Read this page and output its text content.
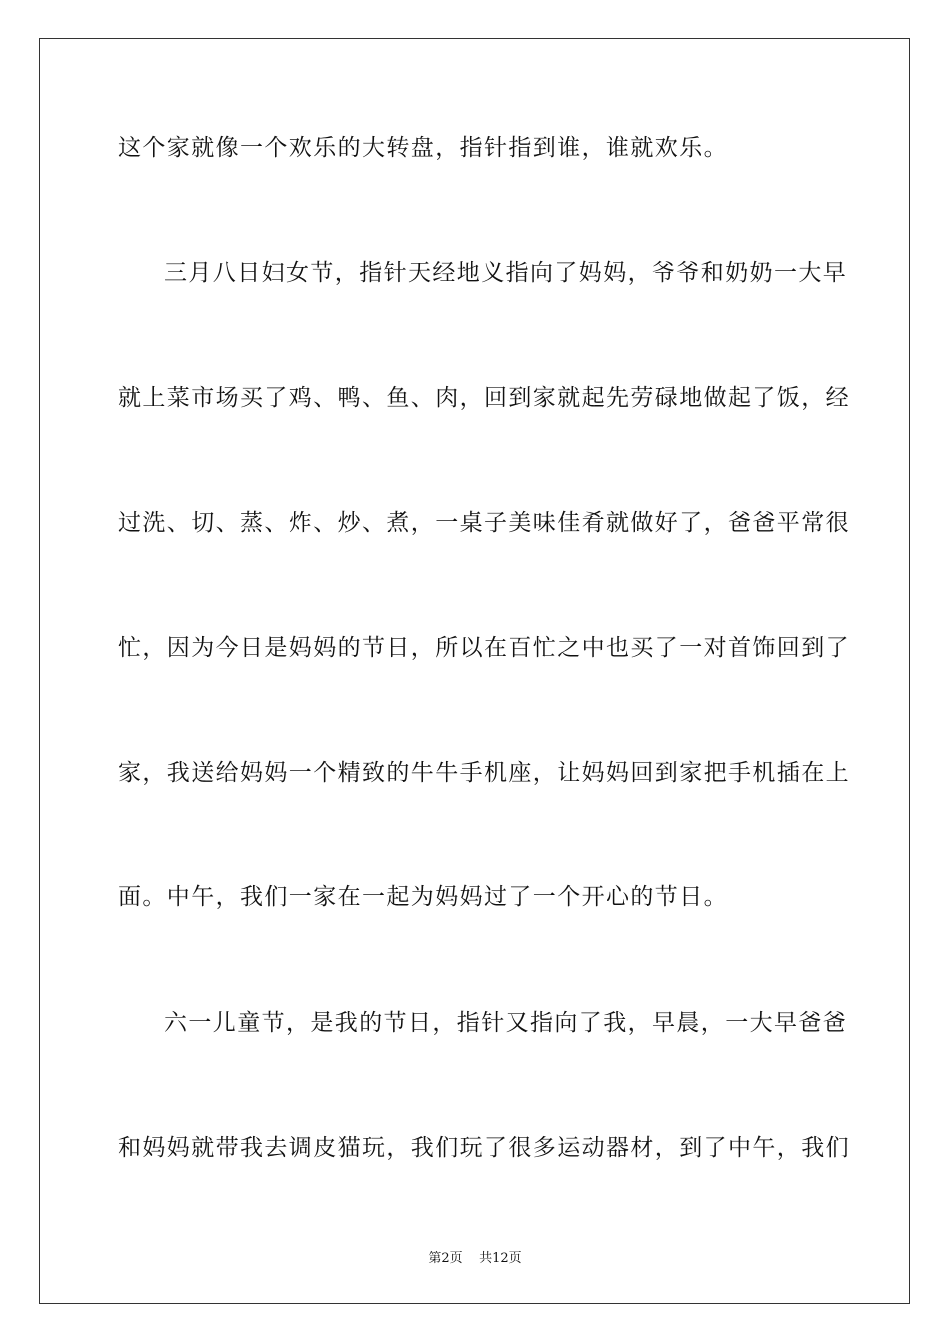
这个家就像一个欢乐的大转盘，指针指到谁，谁就欢乐。
三月八日妇女节，指针天经地义指向了妈妈，爷爷和奶奶一大早
就上菜市场买了鸡、鸭、鱼、肉，回到家就起先劳碌地做起了饭，经
过洗、切、蒸、炸、炒、煮，一桌子美味佳肴就做好了，爸爸平常很
忙，因为今日是妈妈的节日，所以在百忙之中也买了一对首饰回到了
家，我送给妈妈一个精致的牛牛手机座，让妈妈回到家把手机插在上
面。中午，我们一家在一起为妈妈过了一个开心的节日。
六一儿童节，是我的节日，指针又指向了我，早晨，一大早爸爸
和妈妈就带我去调皮猫玩，我们玩了很多运动器材，到了中午，我们
第2页 共12页
